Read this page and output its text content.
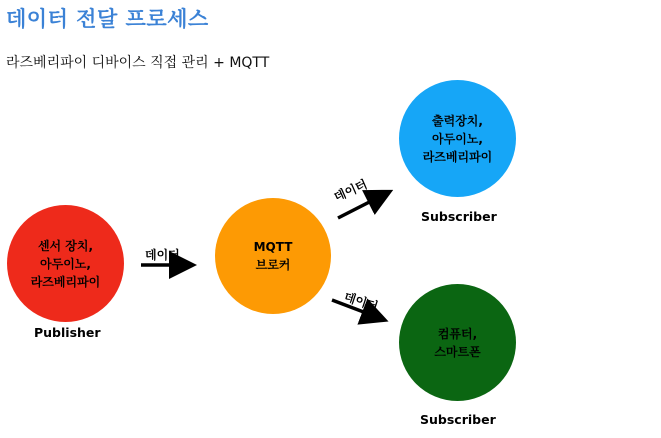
데이터 전달 프로세스
라즈베리파이 디바이스 직접 관리 + MQTT
데이터
데이터
데이터
센서 장치,
아두이노,
라즈베리파이
Publisher
MQTT
브로커
출력장치,
아두이노,
라즈베리파이
Subscriber
컴퓨터,
스마트폰
Subscriber
